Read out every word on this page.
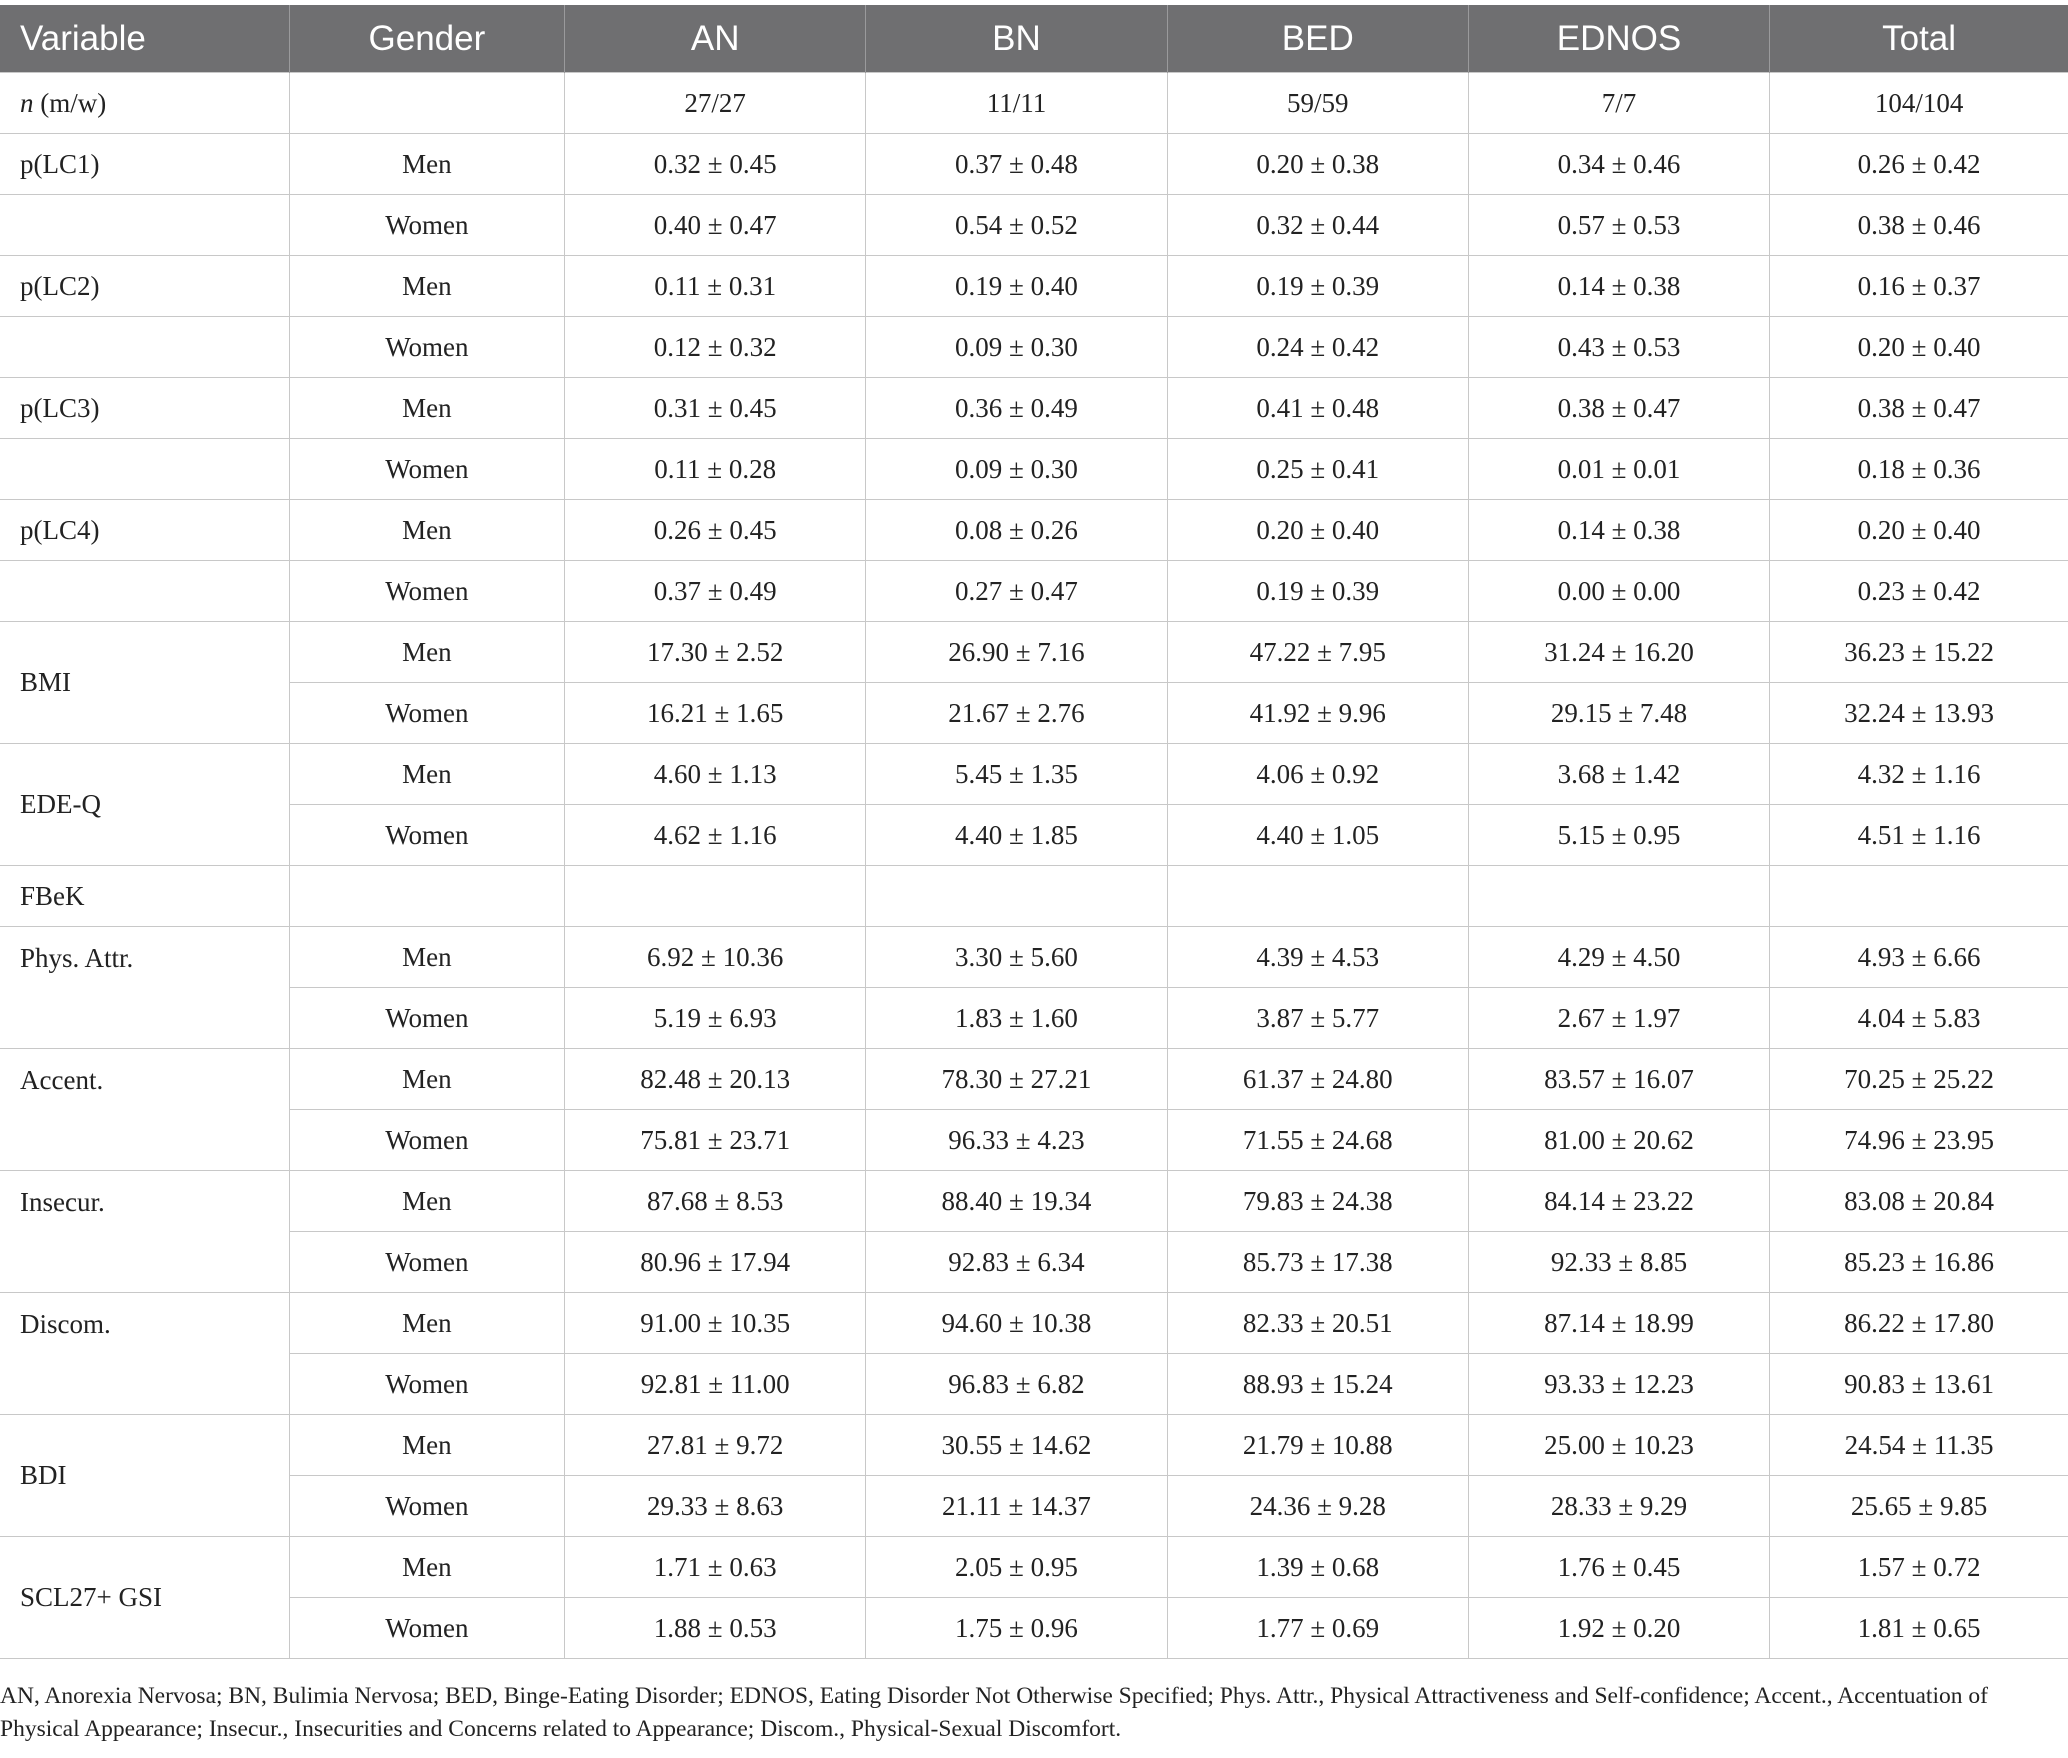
Variable	Gender	AN	BN	BED	EDNOS	Total
n (m/w)		27/27	11/11	59/59	7/7	104/104
p(LC1)	Men	0.32 ± 0.45	0.37 ± 0.48	0.20 ± 0.38	0.34 ± 0.46	0.26 ± 0.42
	Women	0.40 ± 0.47	0.54 ± 0.52	0.32 ± 0.44	0.57 ± 0.53	0.38 ± 0.46
p(LC2)	Men	0.11 ± 0.31	0.19 ± 0.40	0.19 ± 0.39	0.14 ± 0.38	0.16 ± 0.37
	Women	0.12 ± 0.32	0.09 ± 0.30	0.24 ± 0.42	0.43 ± 0.53	0.20 ± 0.40
p(LC3)	Men	0.31 ± 0.45	0.36 ± 0.49	0.41 ± 0.48	0.38 ± 0.47	0.38 ± 0.47
	Women	0.11 ± 0.28	0.09 ± 0.30	0.25 ± 0.41	0.01 ± 0.01	0.18 ± 0.36
p(LC4)	Men	0.26 ± 0.45	0.08 ± 0.26	0.20 ± 0.40	0.14 ± 0.38	0.20 ± 0.40
	Women	0.37 ± 0.49	0.27 ± 0.47	0.19 ± 0.39	0.00 ± 0.00	0.23 ± 0.42
BMI	Men	17.30 ± 2.52	26.90 ± 7.16	47.22 ± 7.95	31.24 ± 16.20	36.23 ± 15.22
	Women	16.21 ± 1.65	21.67 ± 2.76	41.92 ± 9.96	29.15 ± 7.48	32.24 ± 13.93
EDE-Q	Men	4.60 ± 1.13	5.45 ± 1.35	4.06 ± 0.92	3.68 ± 1.42	4.32 ± 1.16
	Women	4.62 ± 1.16	4.40 ± 1.85	4.40 ± 1.05	5.15 ± 0.95	4.51 ± 1.16
FBeK						
Phys. Attr.	Men	6.92 ± 10.36	3.30 ± 5.60	4.39 ± 4.53	4.29 ± 4.50	4.93 ± 6.66
	Women	5.19 ± 6.93	1.83 ± 1.60	3.87 ± 5.77	2.67 ± 1.97	4.04 ± 5.83
Accent.	Men	82.48 ± 20.13	78.30 ± 27.21	61.37 ± 24.80	83.57 ± 16.07	70.25 ± 25.22
	Women	75.81 ± 23.71	96.33 ± 4.23	71.55 ± 24.68	81.00 ± 20.62	74.96 ± 23.95
Insecur.	Men	87.68 ± 8.53	88.40 ± 19.34	79.83 ± 24.38	84.14 ± 23.22	83.08 ± 20.84
	Women	80.96 ± 17.94	92.83 ± 6.34	85.73 ± 17.38	92.33 ± 8.85	85.23 ± 16.86
Discom.	Men	91.00 ± 10.35	94.60 ± 10.38	82.33 ± 20.51	87.14 ± 18.99	86.22 ± 17.80
	Women	92.81 ± 11.00	96.83 ± 6.82	88.93 ± 15.24	93.33 ± 12.23	90.83 ± 13.61
BDI	Men	27.81 ± 9.72	30.55 ± 14.62	21.79 ± 10.88	25.00 ± 10.23	24.54 ± 11.35
	Women	29.33 ± 8.63	21.11 ± 14.37	24.36 ± 9.28	28.33 ± 9.29	25.65 ± 9.85
SCL27+ GSI	Men	1.71 ± 0.63	2.05 ± 0.95	1.39 ± 0.68	1.76 ± 0.45	1.57 ± 0.72
	Women	1.88 ± 0.53	1.75 ± 0.96	1.77 ± 0.69	1.92 ± 0.20	1.81 ± 0.65
AN, Anorexia Nervosa; BN, Bulimia Nervosa; BED, Binge-Eating Disorder; EDNOS, Eating Disorder Not Otherwise Specified; Phys. Attr., Physical Attractiveness and Self-confidence; Accent., Accentuation of Physical Appearance; Insecur., Insecurities and Concerns related to Appearance; Discom., Physical-Sexual Discomfort.
